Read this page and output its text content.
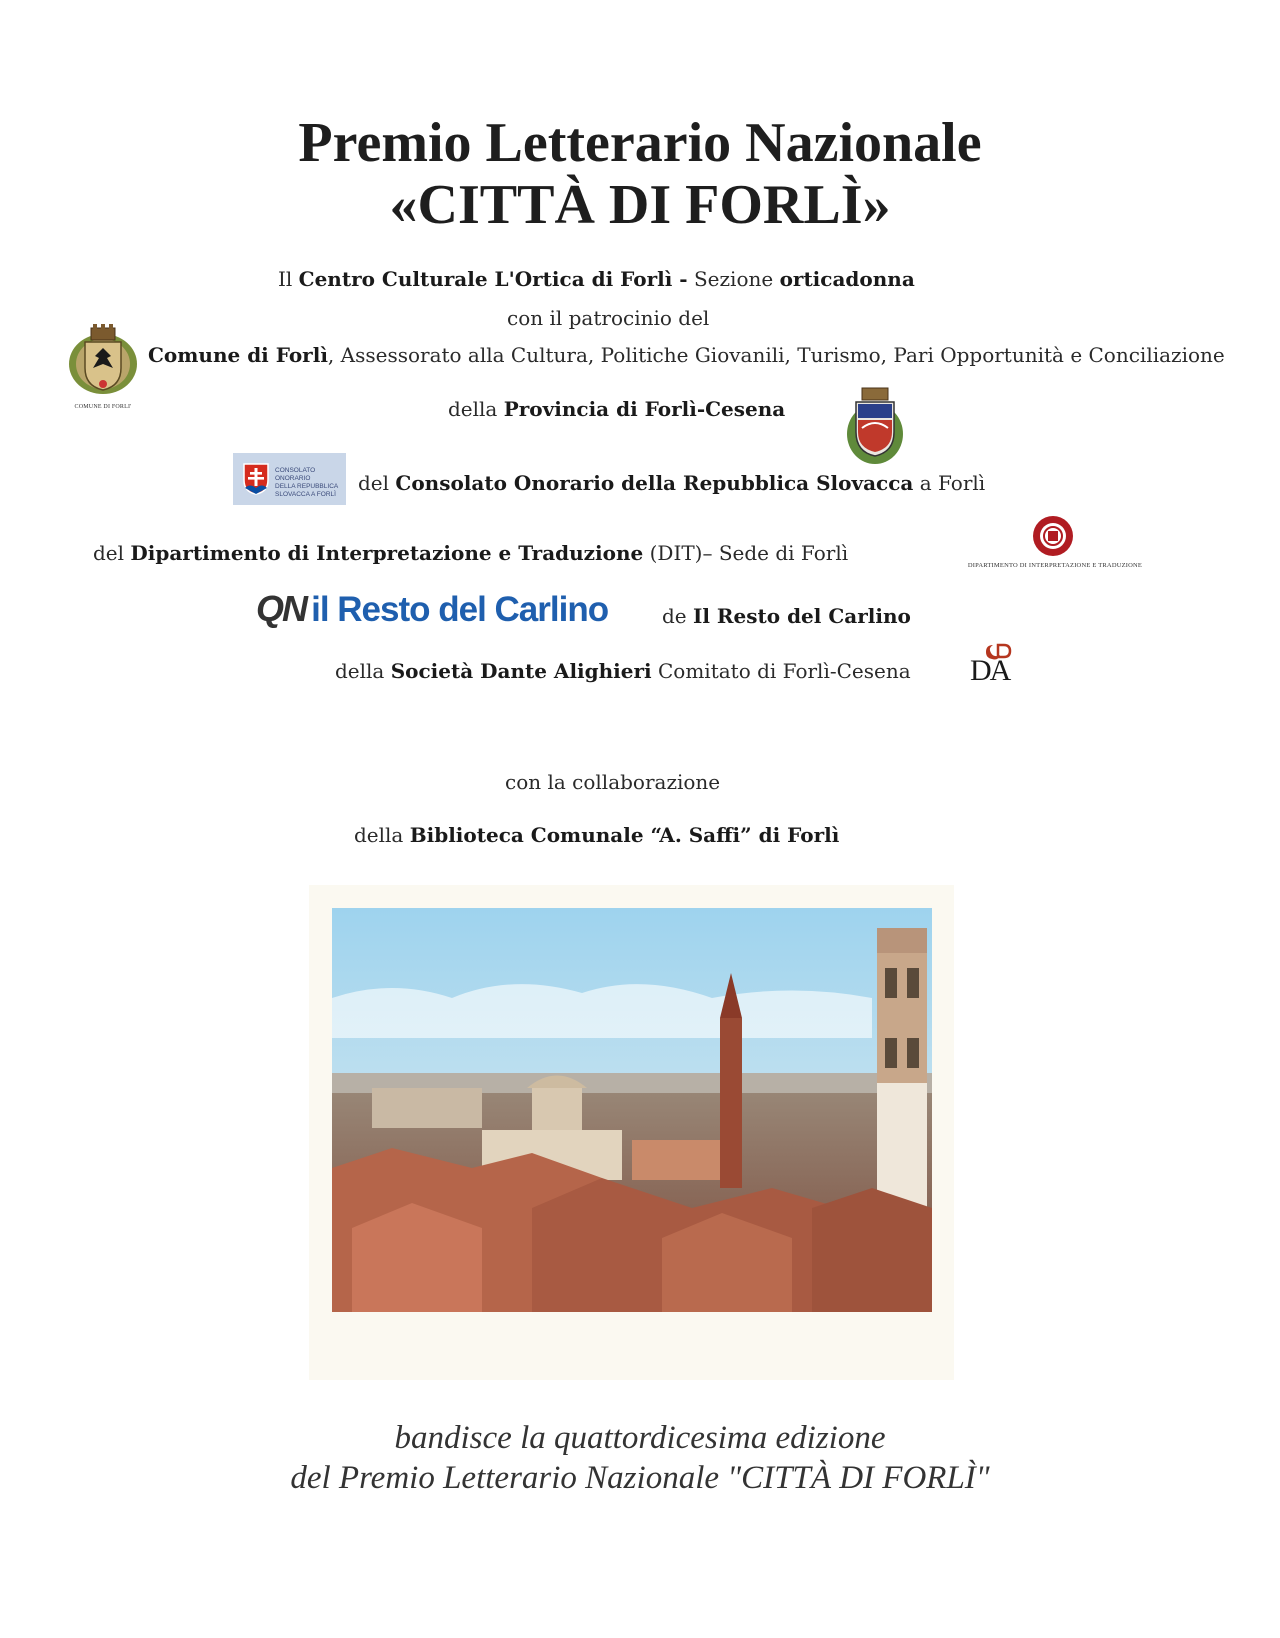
Premio Letterario Nazionale
«CITTÀ DI FORLÌ»
Il Centro Culturale L'Ortica di Forlì - Sezione orticadonna
con il patrocinio del
COMUNE DI FORLI'
Comune di Forlì, Assessorato alla Cultura, Politiche Giovanili, Turismo, Pari Opportunità e Conciliazione
della Provincia di Forlì-Cesena
CONSOLATO ONORARIO
DELLA REPUBBLICA
SLOVACCA A FORLÌ	del Consolato Onorario della Repubblica Slovacca a Forlì
del Dipartimento di Interpretazione e Traduzione (DIT)– Sede di Forlì
DIPARTIMENTO DI INTERPRETAZIONE E TRADUZIONE
QN il Resto del Carlino	de Il Resto del Carlino
della Società Dante Alighieri Comitato di Forlì-Cesena DA
con la collaborazione
della Biblioteca Comunale “A. Saffi” di Forlì
bandisce la quattordicesima edizione
del Premio Letterario Nazionale "CITTÀ DI FORLÌ"
